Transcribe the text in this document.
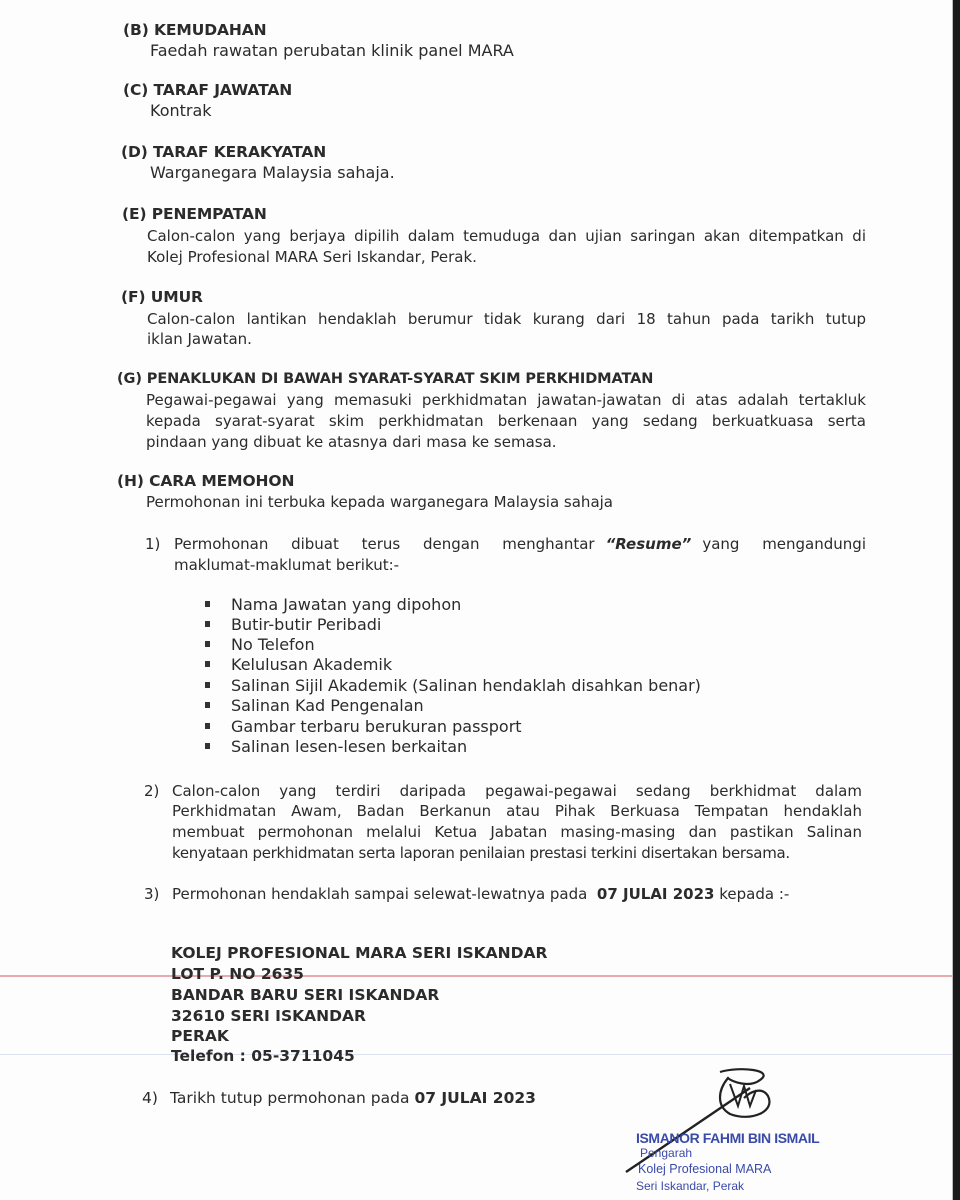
(B) KEMUDAHAN
Faedah rawatan perubatan klinik panel MARA
(C) TARAF JAWATAN
Kontrak
(D) TARAF KERAKYATAN
Warganegara Malaysia sahaja.
(E) PENEMPATAN
Calon-calon yang berjaya dipilih dalam temuduga dan ujian saringan akan ditempatkan di
Kolej Profesional MARA Seri Iskandar, Perak.
(F) UMUR
Calon-calon lantikan hendaklah berumur tidak kurang dari 18 tahun pada tarikh tutup
iklan Jawatan.
(G) PENAKLUKAN DI BAWAH SYARAT-SYARAT SKIM PERKHIDMATAN
Pegawai-pegawai yang memasuki perkhidmatan jawatan-jawatan di atas adalah tertakluk
kepada syarat-syarat skim perkhidmatan berkenaan yang sedang berkuatkuasa serta
pindaan yang dibuat ke atasnya dari masa ke semasa.
(H) CARA MEMOHON
Permohonan ini terbuka kepada warganegara Malaysia sahaja
1) Permohonan dibuat terus dengan menghantar “Resume” yang mengandungi
maklumat-maklumat berikut:-
Nama Jawatan yang dipohon
Butir-butir Peribadi
No Telefon
Kelulusan Akademik
Salinan Sijil Akademik (Salinan hendaklah disahkan benar)
Salinan Kad Pengenalan
Gambar terbaru berukuran passport
Salinan lesen-lesen berkaitan
2) Calon-calon yang terdiri daripada pegawai-pegawai sedang berkhidmat dalam
Perkhidmatan Awam, Badan Berkanun atau Pihak Berkuasa Tempatan hendaklah
membuat permohonan melalui Ketua Jabatan masing-masing dan pastikan Salinan
kenyataan perkhidmatan serta laporan penilaian prestasi terkini disertakan bersama.
3) Permohonan hendaklah sampai selewat-lewatnya pada 07 JULAI 2023 kepada :-
KOLEJ PROFESIONAL MARA SERI ISKANDAR
LOT P. NO 2635
BANDAR BARU SERI ISKANDAR
32610 SERI ISKANDAR
PERAK
Telefon : 05-3711045
4) Tarikh tutup permohonan pada 07 JULAI 2023
ISMANOR FAHMI BIN ISMAIL
Pengarah
Kolej Profesional MARA
Seri Iskandar, Perak
